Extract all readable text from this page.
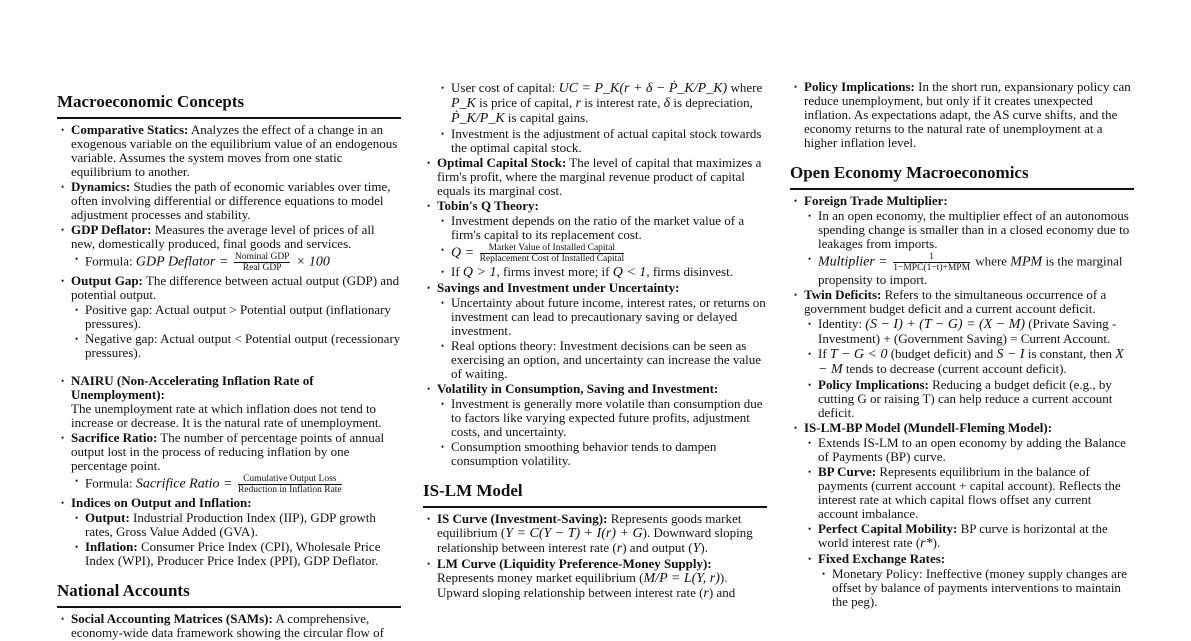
Macroeconomic Concepts
• Comparative Statics: Analyzes the effect of a change in an exogenous variable on the equilibrium value of an endogenous variable. Assumes the system moves from one static equilibrium to another.
• Dynamics: Studies the path of economic variables over time, often involving differential or difference equations to model adjustment processes and stability.
• GDP Deflator: Measures the average level of prices of all new, domestically produced, final goods and services.
• Formula: GDP Deflator = $\frac{\text{Nominal GDP}}{\text{Real GDP}} \times 100$
• Output Gap: The difference between actual output (GDP) and potential output.
• Positive gap: Actual output > Potential output (inflationary pressures).
• Negative gap: Actual output < Potential output (recessionary pressures).
• NAIRU (Non-Accelerating Inflation Rate of Unemployment):
The unemployment rate at which inflation does not tend to increase or decrease. It is the natural rate of unemployment.
• Sacrifice Ratio: The number of percentage points of annual output lost in the process of reducing inflation by one percentage point.
• Formula: Sacrifice Ratio = $\frac{\text{Cumulative Output Loss}}{\text{Reduction in Inflation Rate}}$
• Indices on Output and Inflation:
• Output: Industrial Production Index (IIP), GDP growth rates, Gross Value Added (GVA).
• Inflation: Consumer Price Index (CPI), Wholesale Price Index (WPI), Producer Price Index (PPI), GDP Deflator.
National Accounts
• Social Accounting Matrices (SAMs): A comprehensive, economy-wide data framework showing the circular flow of
• User cost of capital: UC = P_K(r + δ − Ṗ_K/P_K) where P_K is price of capital, r is interest rate, δ is depreciation, Ṗ_K/P_K is capital gains.
• Investment is the adjustment of actual capital stock towards the optimal capital stock.
• Optimal Capital Stock: The level of capital that maximizes a firm's profit, where the marginal revenue product of capital equals its marginal cost.
• Tobin's Q Theory:
• Investment depends on the ratio of the market value of a firm's capital to its replacement cost.
• $Q = \frac{\text{Market Value of Installed Capital}}{\text{Replacement Cost of Installed Capital}}$
• If Q > 1, firms invest more; if Q < 1, firms disinvest.
• Savings and Investment under Uncertainty:
• Uncertainty about future income, interest rates, or returns on investment can lead to precautionary saving or delayed investment.
• Real options theory: Investment decisions can be seen as exercising an option, and uncertainty can increase the value of waiting.
• Volatility in Consumption, Saving and Investment:
• Investment is generally more volatile than consumption due to factors like varying expected future profits, adjustment costs, and uncertainty.
• Consumption smoothing behavior tends to dampen consumption volatility.
IS-LM Model
• IS Curve (Investment-Saving): Represents goods market equilibrium (Y = C(Y − T) + I(r) + G). Downward sloping relationship between interest rate (r) and output (Y).
• LM Curve (Liquidity Preference-Money Supply): Represents money market equilibrium (M/P = L(Y, r)). Upward sloping relationship between interest rate (r) and
• Policy Implications: In the short run, expansionary policy can reduce unemployment, but only if it creates unexpected inflation. As expectations adapt, the AS curve shifts, and the economy returns to the natural rate of unemployment at a higher inflation level.
Open Economy Macroeconomics
• Foreign Trade Multiplier:
• In an open economy, the multiplier effect of an autonomous spending change is smaller than in a closed economy due to leakages from imports.
• Multiplier = $\frac{1}{\text{1−MPC(1−t)+MPM}}$ where MPM is the marginal propensity to import.
• Twin Deficits: Refers to the simultaneous occurrence of a government budget deficit and a current account deficit.
• Identity: (S − I) + (T − G) = (X − M) (Private Saving - Investment) + (Government Saving) = Current Account.
• If T − G < 0 (budget deficit) and S − I is constant, then X − M tends to decrease (current account deficit).
• Policy Implications: Reducing a budget deficit (e.g., by cutting G or raising T) can help reduce a current account deficit.
• IS-LM-BP Model (Mundell-Fleming Model):
• Extends IS-LM to an open economy by adding the Balance of Payments (BP) curve.
• BP Curve: Represents equilibrium in the balance of payments (current account + capital account). Reflects the interest rate at which capital flows offset any current account imbalance.
• Perfect Capital Mobility: BP curve is horizontal at the world interest rate (r*).
• Fixed Exchange Rates:
• Monetary Policy: Ineffective (money supply changes are offset by balance of payments interventions to maintain the peg).
